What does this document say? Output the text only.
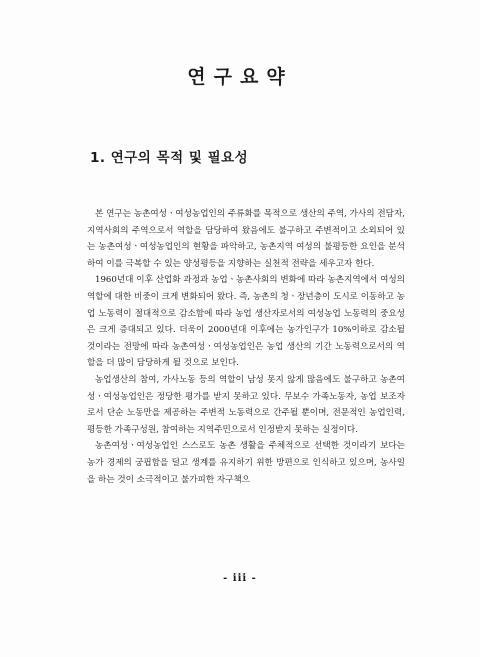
연구요약
1. 연구의 목적 및 필요성

본 연구는 농촌여성ㆍ여성농업인의 주류화를 목적으로 생산의 주역, 가사의 전담자, 지역사회의 주역으로서 역할을 담당하여 왔음에도 불구하고 주변적이고 소외되어 있는 농촌여성ㆍ여성농업인의 현황을 파악하고, 농촌지역 여성의 불평등한 요인을 분석하여 이를 극복할 수 있는 양성평등을 지향하는 실천적 전략을 세우고자 한다.

1960년대 이후 산업화 과정과 농업ㆍ농촌사회의 변화에 따라 농촌지역에서 여성의 역할에 대한 비중이 크게 변화되어 왔다. 즉, 농촌의 청ㆍ장년층이 도시로 이동하고 농업 노동력이 절대적으로 감소함에 따라 농업 생산자로서의 여성농업 노동력의 중요성은 크게 증대되고 있다. 더욱이 2000년대 이후에는 농가인구가 10%이하로 감소될 것이라는 전망에 따라 농촌여성ㆍ여성농업인은 농업 생산의 기간 노동력으로서의 역할을 더 많이 담당하게 될 것으로 보인다.

농업생산의 참여, 가사노동 등의 역할이 남성 못지 않게 많음에도 불구하고 농촌여성ㆍ여성농업인은 정당한 평가를 받지 못하고 있다. 무보수 가족노동자, 농업 보조자로서 단순 노동만을 제공하는 주변적 노동력으로 간주될 뿐이며, 전문적인 농업인력, 평등한 가족구성원, 참여하는 지역주민으로서 인정받지 못하는 실정이다.

농촌여성ㆍ여성농업인 스스로도 농촌 생활을 주체적으로 선택한 것이라기 보다는 농가 경제의 궁핍함을 덜고 생계를 유지하기 위한 방편으로 인식하고 있으며, 농사일을 하는 것이 소극적이고 불가피한 자구책으

- iii -
